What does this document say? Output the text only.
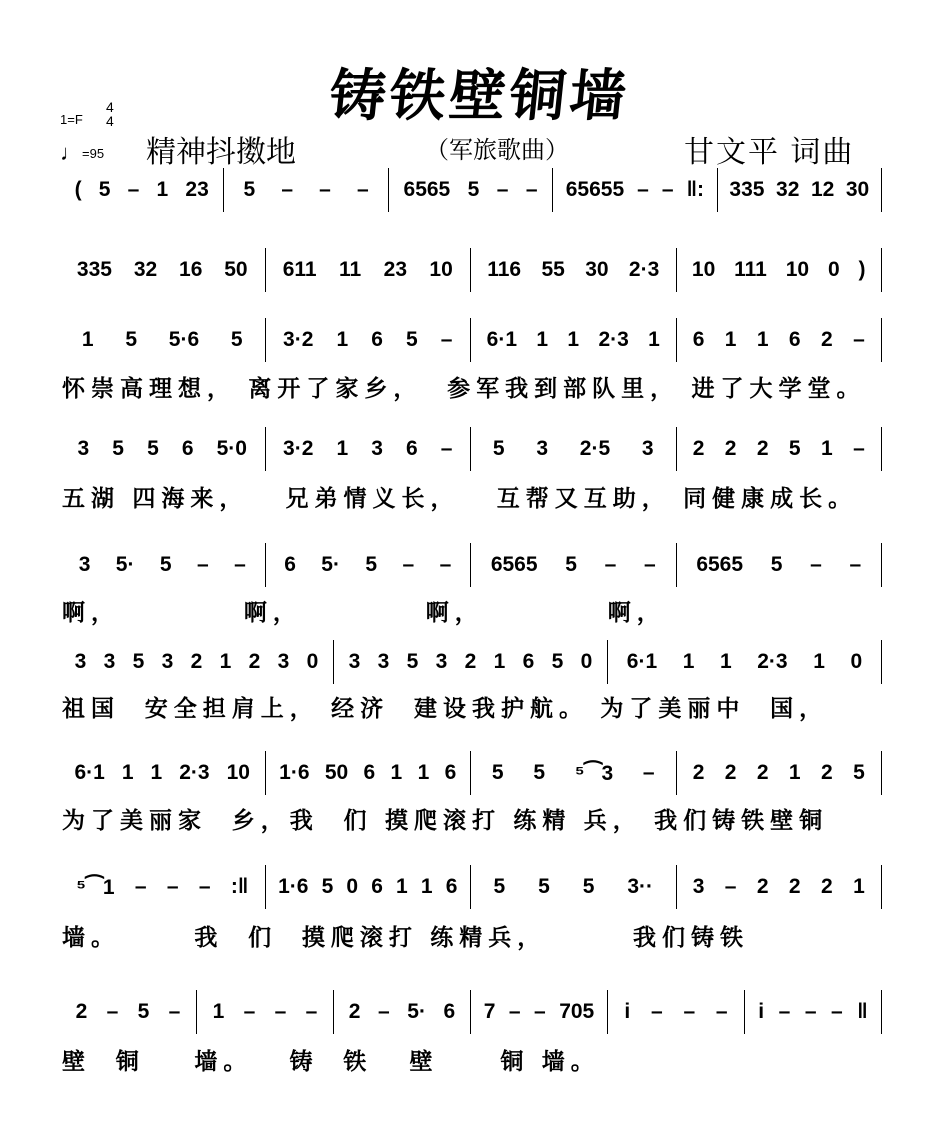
铸铁壁铜墙
1=F
4
4
♩=95 精神抖擞地	（军旅歌曲）	甘文平 词曲
( 5 – 1 23 5 – – – 6565 5 – – 65655 – – ‖: 335 32 12 30
335 32 16 50 611 11 23 10 116 55 30 2·3 10 111 10 0 )
1 5 5·6 5 3·2 1 6 5 – 6·1 1 1 2·3 1 6 1 1 6 2 –
怀崇高理想， 离开了家乡，  参军我到部队里， 进了大学堂。
3 5 5 6 5·0 3·2 1 3 6 – 5 3 2·5 3 2 2 2 5 1 –
五湖 四海来，   兄弟情义长，   互帮又互助， 同健康成长。
3 5· 5 – – 6 5· 5 – – 6565 5 – – 6565 5 – –
啊，          啊，          啊，          啊，
3 3 5 3 2 1 2 3 0 3 3 5 3 2 1 6 5 0 6·1 1 1 2·3 1 0
祖国  安全担肩上， 经济  建设我护航。 为了美丽中  国，
6·1 1 1 2·3 10 1·6 50 6 1 1 6 5 5 ⁵⁀3 – 2 2 2 1 2 5
为了美丽家  乡，我  们 摸爬滚打 练精 兵， 我们铸铁壁铜
⁵⁀1 – – – :‖ 1·6 5 0 6 1 1 6 5 5 5 3·· 3 – 2 2 2 1
墙。      我  们  摸爬滚打 练精兵，       我们铸铁
2 – 5 – 1 – – – 2 – 5· 6 7 – – 705 i – – – i – – – ‖
壁  铜    墙。   铸  铁   壁     铜 墙。
